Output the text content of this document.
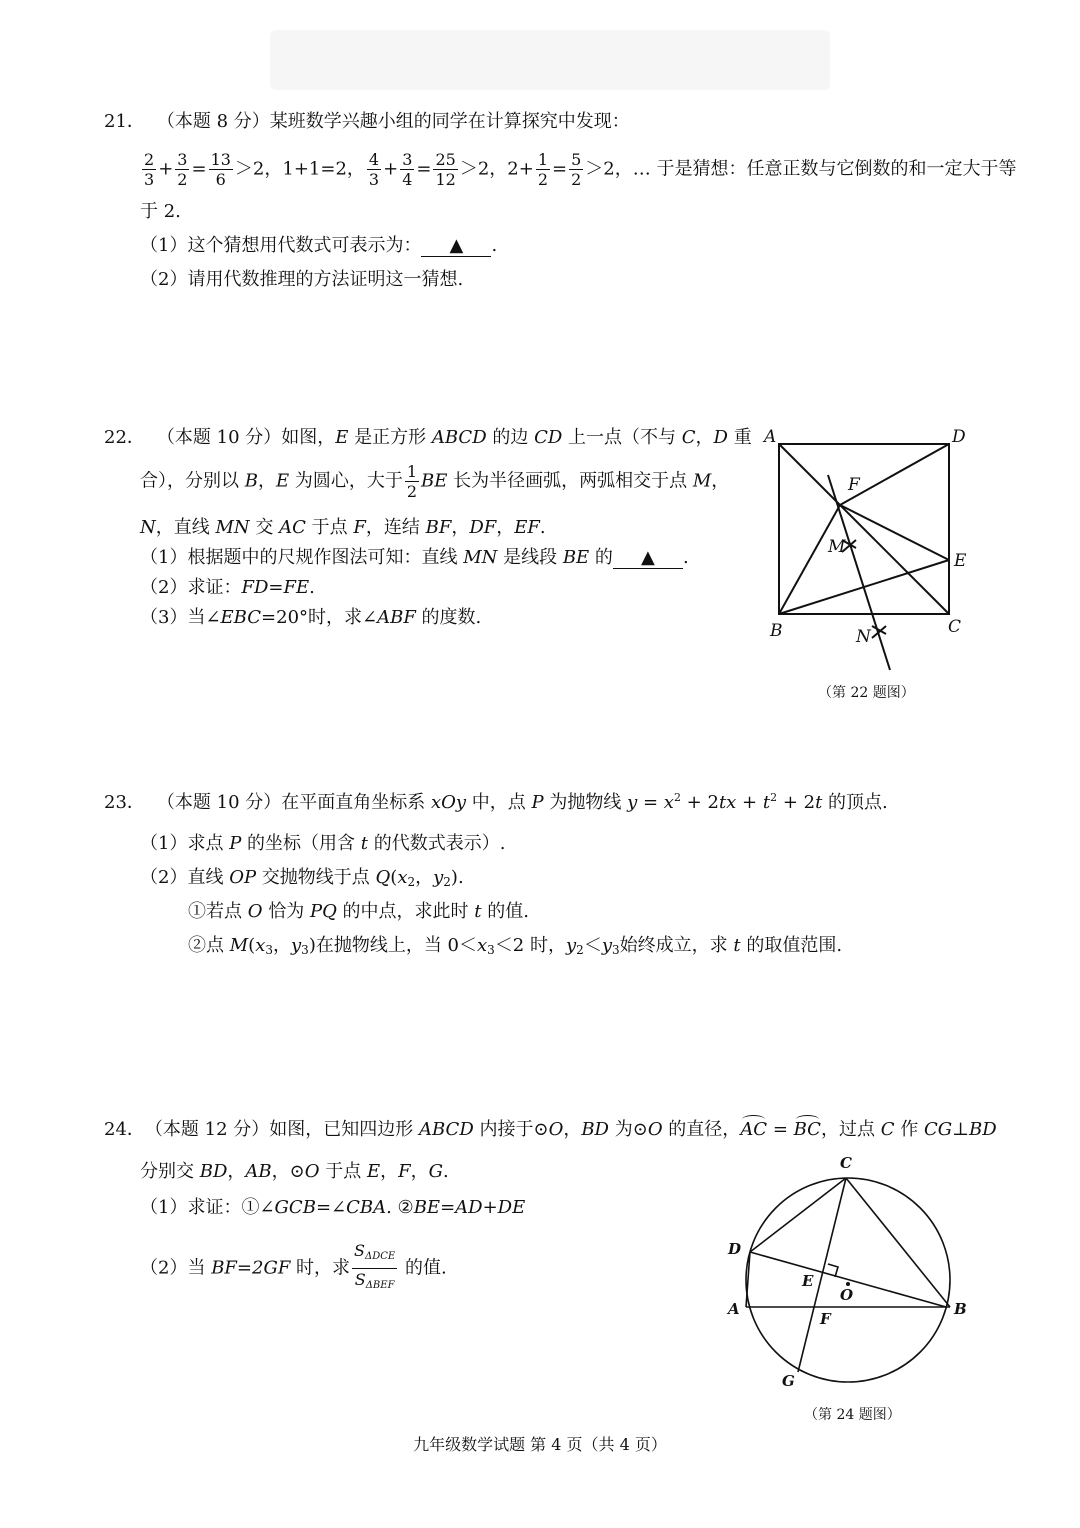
21． （本题 8 分）某班数学兴趣小组的同学在计算探究中发现：
$\frac{2}{3} + \frac{3}{2} = \frac{13}{6} >2$，1+1=2， $\frac{4}{3} + \frac{3}{4} = \frac{25}{12} >2$，$2+ \frac{1}{2} = \frac{5}{2} >2$，… 于是猜想：任意正数与它倒数的和一定大于等
于 2.
（1）这个猜想用代数式可表示为： ▲ .
（2）请用代数推理的方法证明这一猜想.
22． （本题 10 分）如图，E 是正方形 ABCD 的边 CD 上一点（不与 C，D 重
合），分别以 B，E 为圆心，大于 $\frac{1}{2}$ BE 长为半径画弧，两弧相交于点 M，
N，直线 MN 交 AC 于点 F，连结 BF，DF，EF.
（1）根据题中的尺规作图法可知：直线 MN 是线段 BE 的 ▲ .
（2）求证：FD=FE.
（3）当∠EBC=20°时，求∠ABF 的度数.
A	D
F
M
E
B	C
N
（第 22 题图）
23． （本题 10 分）在平面直角坐标系 xOy 中，点 P 为抛物线 $y = x^2 + 2tx + t^2 + 2t$ 的顶点.
（1）求点 P 的坐标（用含 t 的代数式表示）.
（2）直线 OP 交抛物线于点 $Q(x_2$，$y_2$).
①若点 O 恰为 PQ 的中点，求此时 t 的值.
②点 $M(x_3$，$y_3$)在抛物线上，当 $0<x_3<2$ 时，$y_2<y_3$始终成立，求 t 的取值范围.
24．（本题 12 分）如图，已知四边形 ABCD 内接于⊙O，BD 为⊙O 的直径，AC = BC，过点 C 作 CG⊥BD
分别交 BD，AB，⊙O 于点 E，F，G.
（1）求证：①∠GCB=∠CBA. ②BE=AD+DE
（2）当 BF=2GF 时，求 $\frac{S_{\Delta DCE}}{S_{\Delta BEF}}$ 的值.
C
D
E
O
A	B
F
G
（第 24 题图）
九年级数学试题 第 4 页（共 4 页）
